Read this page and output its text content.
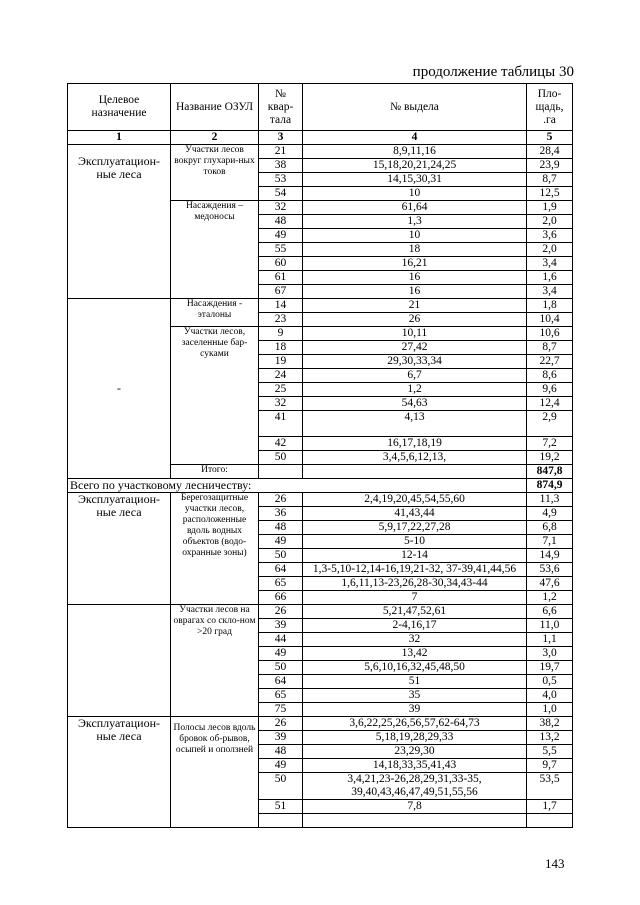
продолжение таблицы 30
Целевое назначение	Название ОЗУЛ	№ квар-тала	№ выдела	Пло-щадь, .га
1	2	3	4	5
Эксплуатацион-ные леса	Участки лесов вокруг глухари-ных токов	21	8,9,11,16	28,4
		38	15,18,20,21,24,25	23,9
		53	14,15,30,31	8,7
		54	10	12,5
	Насаждения – медоносы	32	61,64	1,9
		48	1,3	2,0
		49	10	3,6
		55	18	2,0
		60	16,21	3,4
		61	16	1,6
		67	16	3,4
-	Насаждения - эталоны	14	21	1,8
		23	26	10,4
	Участки лесов, заселенные бар-суками	9	10,11	10,6
		18	27,42	8,7
		19	29,30,33,34	22,7
		24	6,7	8,6
		25	1,2	9,6
		32	54,63	12,4
		41	4,13	2,9
		42	16,17,18,19	7,2
		50	3,4,5,6,12,13,	19,2
	Итого:			847,8
Всего по участковому лесничеству:				874,9
Эксплуатацион-ные леса	Берегозащитные участки лесов, расположенные вдоль водных объектов (водо-охранные зоны)	26	2,4,19,20,45,54,55,60	11,3
		36	41,43,44	4,9
		48	5,9,17,22,27,28	6,8
		49	5-10	7,1
		50	12-14	14,9
		64	1,3-5,10-12,14-16,19,21-32, 37-39,41,44,56	53,6
		65	1,6,11,13-23,26,28-30,34,43-44	47,6
		66	7	1,2
	Участки лесов на оврагах со скло-ном >20 град	26	5,21,47,52,61	6,6
		39	2-4,16,17	11,0
		44	32	1,1
		49	13,42	3,0
		50	5,6,10,16,32,45,48,50	19,7
		64	51	0,5
		65	35	4,0
		75	39	1,0
Эксплуатацион-ные леса	Полосы лесов вдоль бровок об-рывов, осыпей и оползней	26	3,6,22,25,26,56,57,62-64,73	38,2
		39	5,18,19,28,29,33	13,2
		48	23,29,30	5,5
		49	14,18,33,35,41,43	9,7
		50	3,4,21,23-26,28,29,31,33-35, 39,40,43,46,47,49,51,55,56	53,5
		51	7,8	1,7

143
